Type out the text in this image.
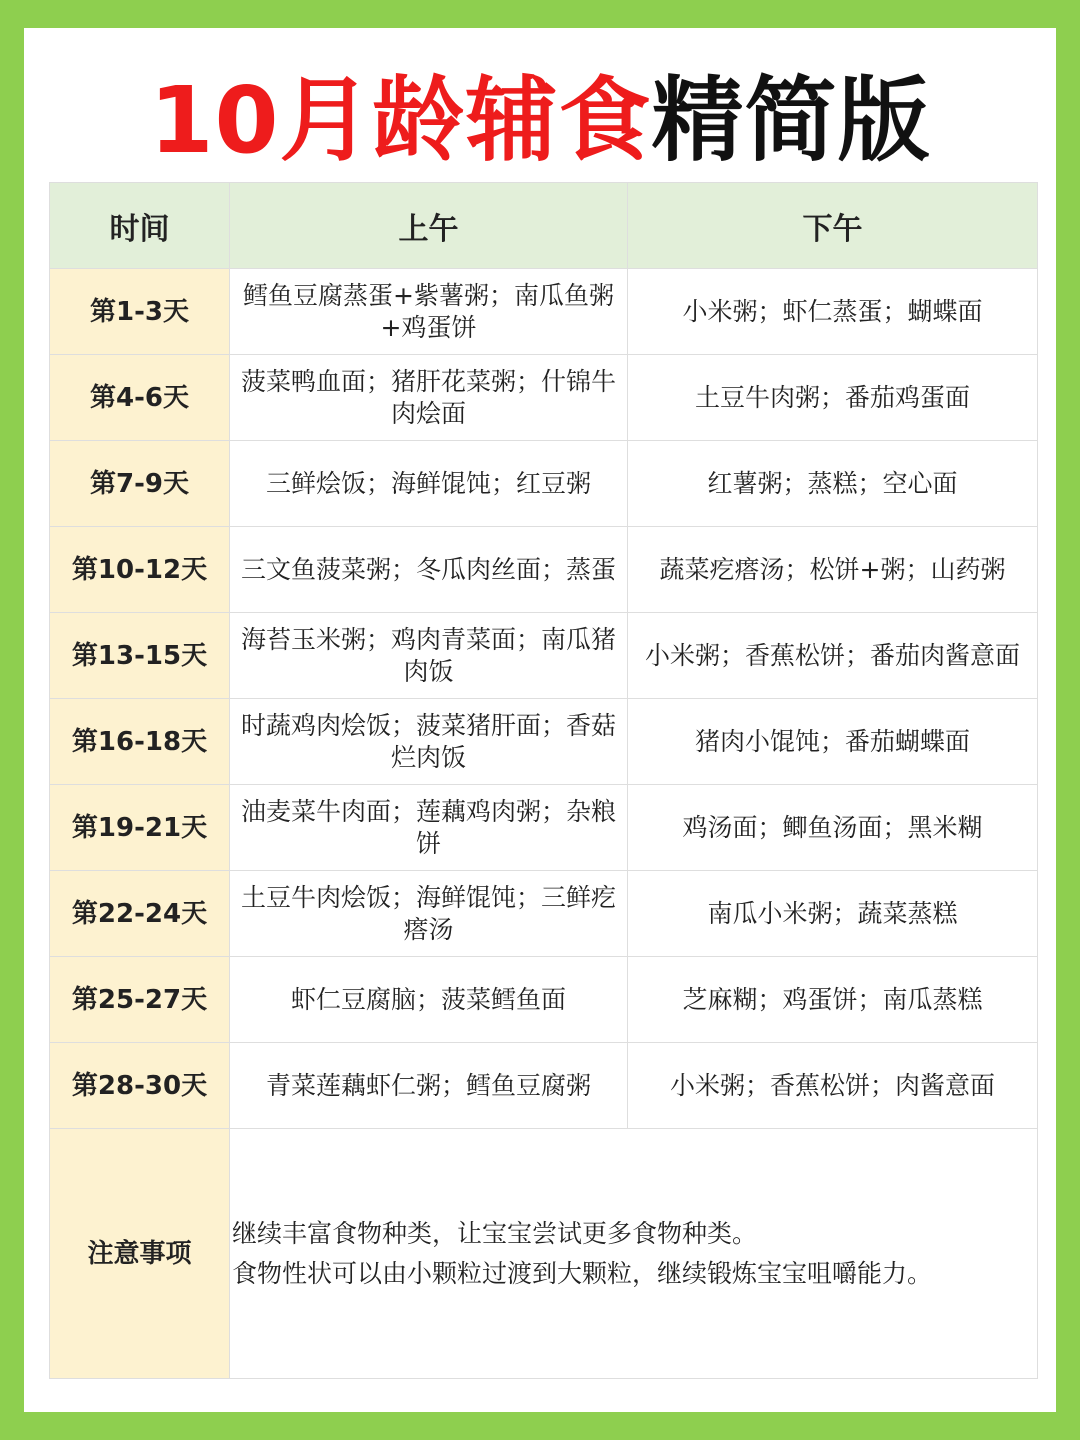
10月龄辅食精简版
时间	上午	下午
第1-3天	鳕鱼豆腐蒸蛋+紫薯粥；南瓜鱼粥+鸡蛋饼	小米粥；虾仁蒸蛋；蝴蝶面
第4-6天	菠菜鸭血面；猪肝花菜粥；什锦牛肉烩面	土豆牛肉粥；番茄鸡蛋面
第7-9天	三鲜烩饭；海鲜馄饨；红豆粥	红薯粥；蒸糕；空心面
第10-12天	三文鱼菠菜粥；冬瓜肉丝面；蒸蛋	蔬菜疙瘩汤；松饼+粥；山药粥
第13-15天	海苔玉米粥；鸡肉青菜面；南瓜猪肉饭	小米粥；香蕉松饼；番茄肉酱意面
第16-18天	时蔬鸡肉烩饭；菠菜猪肝面；香菇烂肉饭	猪肉小馄饨；番茄蝴蝶面
第19-21天	油麦菜牛肉面；莲藕鸡肉粥；杂粮饼	鸡汤面；鲫鱼汤面；黑米糊
第22-24天	土豆牛肉烩饭；海鲜馄饨；三鲜疙瘩汤	南瓜小米粥；蔬菜蒸糕
第25-27天	虾仁豆腐脑；菠菜鳕鱼面	芝麻糊；鸡蛋饼；南瓜蒸糕
第28-30天	青菜莲藕虾仁粥；鳕鱼豆腐粥	小米粥；香蕉松饼；肉酱意面
注意事项	继续丰富食物种类，让宝宝尝试更多食物种类。
食物性状可以由小颗粒过渡到大颗粒，继续锻炼宝宝咀嚼能力。	
